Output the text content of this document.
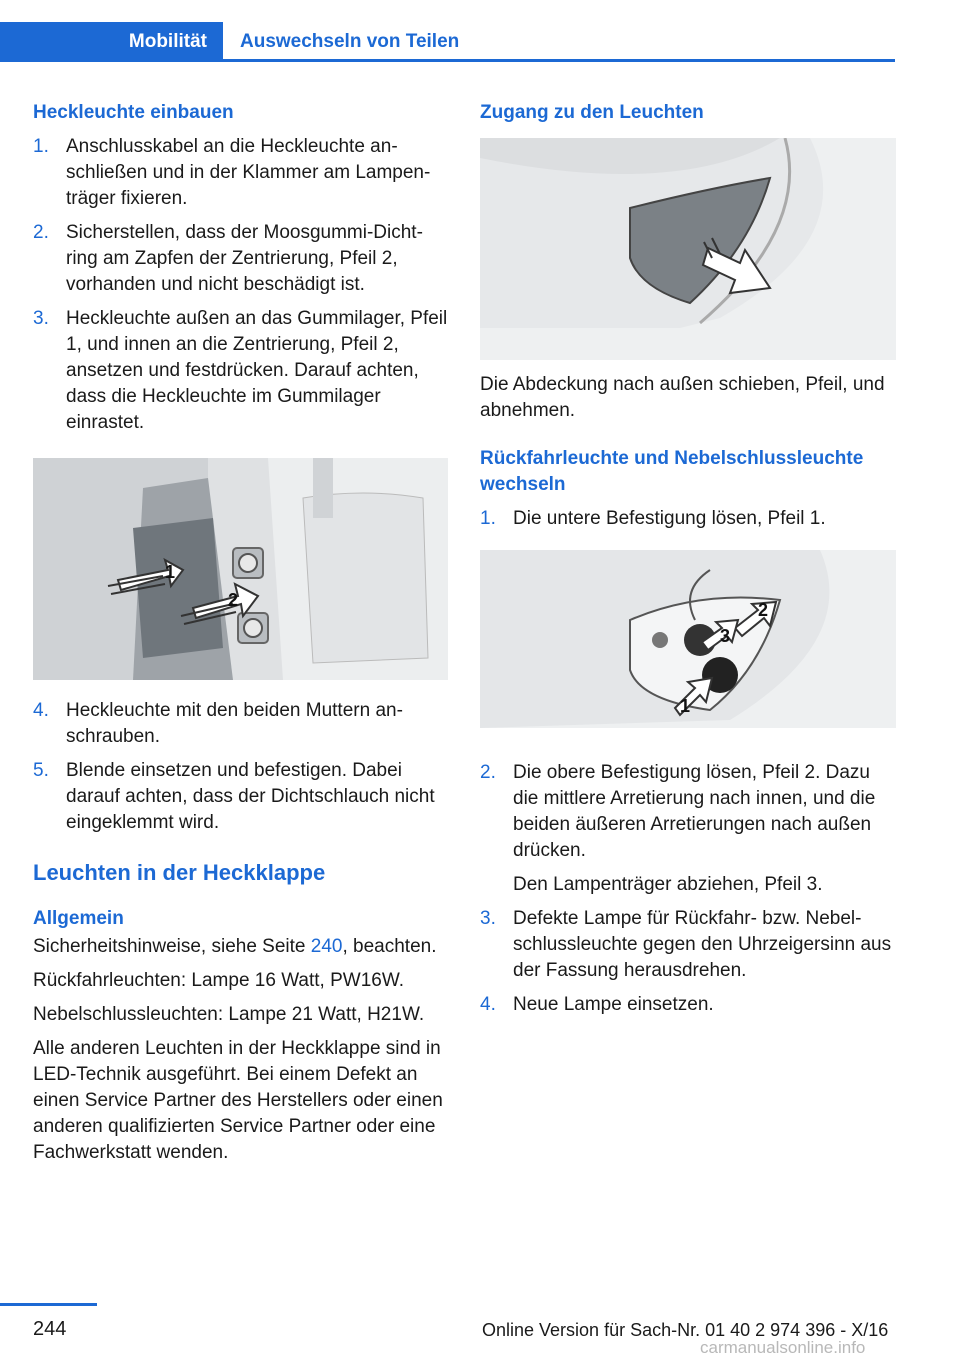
Mobilität	Auswechseln von Teilen
Heckleuchte einbauen
1. Anschlusskabel an die Heckleuchte anschließen und in der Klammer am Lampenträger fixieren.
2. Sicherstellen, dass der Moosgummi-Dichtring am Zapfen der Zentrierung, Pfeil 2, vorhanden und nicht beschädigt ist.
3. Heckleuchte außen an das Gummilager, Pfeil 1, und innen an die Zentrierung, Pfeil 2, ansetzen und festdrücken. Darauf achten, dass die Heckleuchte im Gummilager einrastet.
1
2
4. Heckleuchte mit den beiden Muttern anschrauben.
5. Blende einsetzen und befestigen. Dabei darauf achten, dass der Dichtschlauch nicht eingeklemmt wird.
Leuchten in der Heckklappe
Allgemein

Sicherheitshinweise, siehe Seite 240, beachten.

Rückfahrleuchten: Lampe 16 Watt, PW16W.

Nebelschlussleuchten: Lampe 21 Watt, H21W.

Alle anderen Leuchten in der Heckklappe sind in LED-Technik ausgeführt. Bei einem Defekt an einen Service Partner des Herstellers oder einen anderen qualifizierten Service Partner oder eine Fachwerkstatt wenden.

Zugang zu den Leuchten

Die Abdeckung nach außen schieben, Pfeil, und abnehmen.

Rückfahrleuchte und Nebelschlussleuchte wechseln
1. Die untere Befestigung lösen, Pfeil 1.
1
2
3
2. Die obere Befestigung lösen, Pfeil 2. Dazu die mittlere Arretierung nach innen, und die beiden äußeren Arretierungen nach außen drücken.
Den Lampenträger abziehen, Pfeil 3.
3. Defekte Lampe für Rückfahr- bzw. Nebelschlussleuchte gegen den Uhrzeigersinn aus der Fassung herausdrehen.
4. Neue Lampe einsetzen.
244	Online Version für Sach-Nr. 01 40 2 974 396 - X/16
carmanualsonline.info
